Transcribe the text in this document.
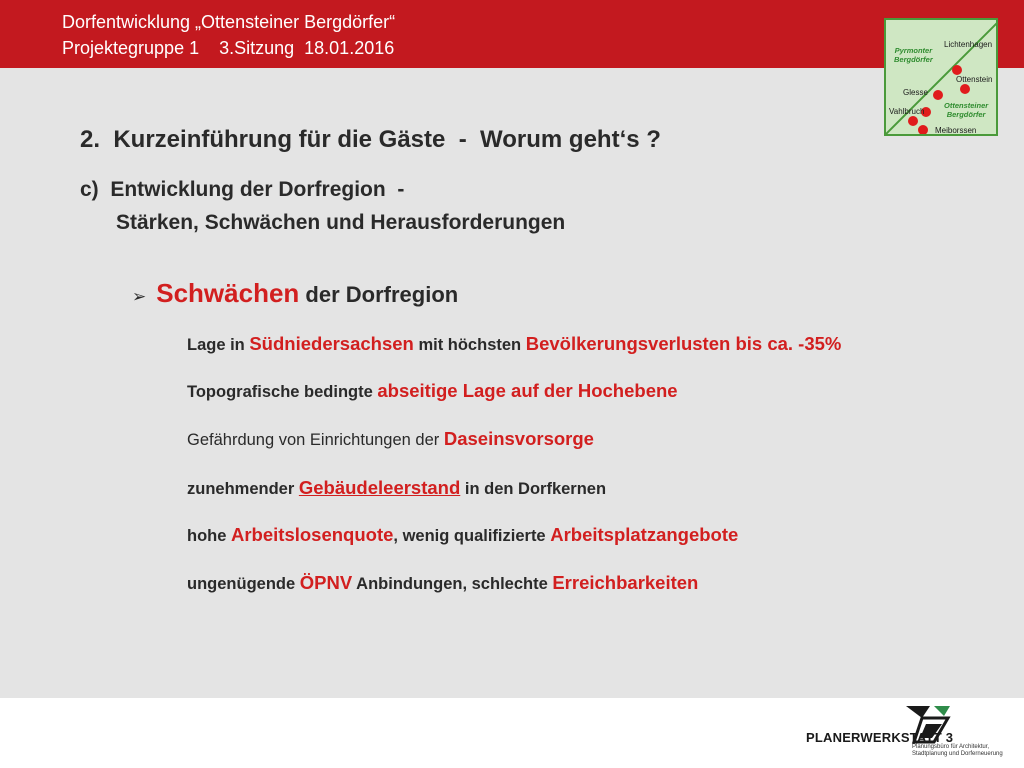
Dorfentwicklung „Ottensteiner Bergdörfer“
Projektegruppe 1    3.Sitzung  18.01.2016	Pyrmonter
Bergdörfer
Lichtenhagen
Ottenstein
Glesse
Vahlbruch
Ottensteiner
Bergdörfer
Meiborssen
2.  Kurzeinführung für die Gäste  -  Worum geht‘s ?
c)  Entwicklung der Dorfregion  -
Stärken, Schwächen und Herausforderungen
➢ Schwächen der Dorfregion
Lage in Südniedersachsen mit höchsten Bevölkerungsverlusten bis ca. -35%
Topografische bedingte abseitige Lage auf der Hochebene
Gefährdung von Einrichtungen der Daseinsvorsorge
zunehmender Gebäudeleerstand in den Dorfkernen
hohe Arbeitslosenquote, wenig qualifizierte Arbeitsplatzangebote
ungenügende ÖPNV Anbindungen, schlechte Erreichbarkeiten
PLANERWERKSTATT 3
Planungsbüro für Architektur,
Stadtplanung und Dorferneuerung
